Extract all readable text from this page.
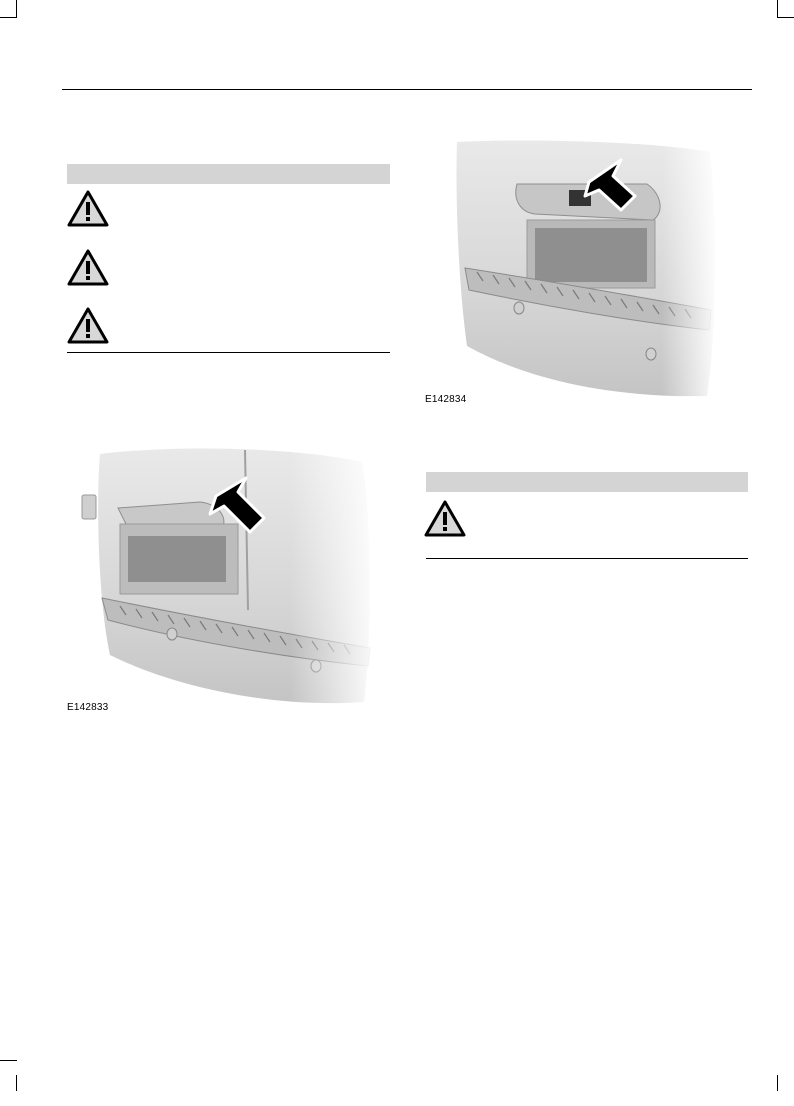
E142833
E142834
